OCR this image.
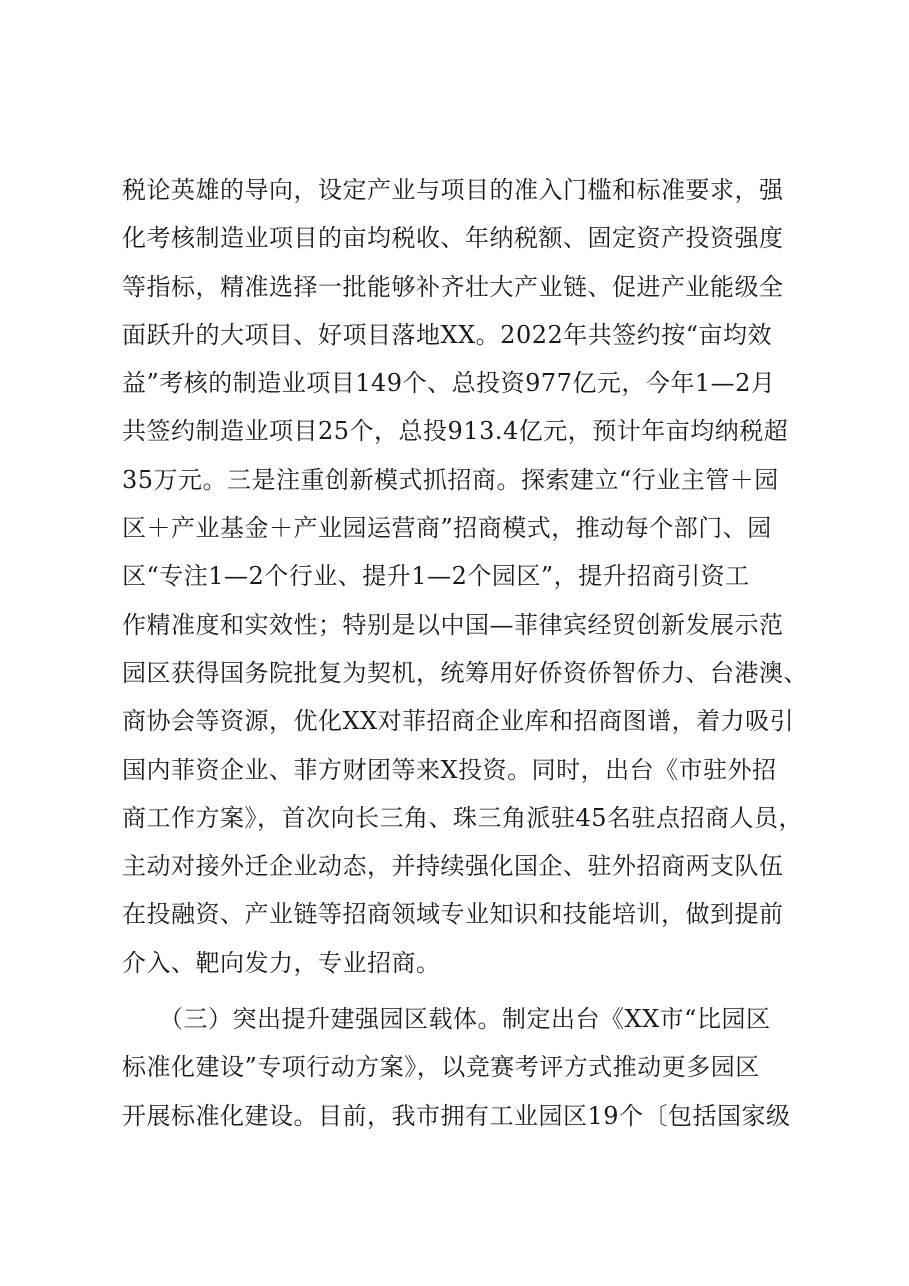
税论英雄的导向，设定产业与项目的准入门槛和标准要求，强
化考核制造业项目的亩均税收、年纳税额、固定资产投资强度
等指标，精准选择一批能够补齐壮大产业链、促进产业能级全
面跃升的大项目、好项目落地XX。2022年共签约按“亩均效
益”考核的制造业项目149个、总投资977亿元，今年1—2月
共签约制造业项目25个，总投913.4亿元，预计年亩均纳税超
35万元。三是注重创新模式抓招商。探索建立“行业主管＋园
区＋产业基金＋产业园运营商”招商模式，推动每个部门、园
区“专注1—2个行业、提升1—2个园区”，提升招商引资工
作精准度和实效性；特别是以中国—菲律宾经贸创新发展示范
园区获得国务院批复为契机，统筹用好侨资侨智侨力、台港澳、
商协会等资源，优化XX对菲招商企业库和招商图谱，着力吸引
国内菲资企业、菲方财团等来X投资。同时，出台《市驻外招
商工作方案》，首次向长三角、珠三角派驻45名驻点招商人员，
主动对接外迁企业动态，并持续强化国企、驻外招商两支队伍
在投融资、产业链等招商领域专业知识和技能培训，做到提前
介入、靶向发力，专业招商。
　　（三）突出提升建强园区载体。制定出台《XX市“比园区
标准化建设”专项行动方案》，以竞赛考评方式推动更多园区
开展标准化建设。目前，我市拥有工业园区19个〔包括国家级
